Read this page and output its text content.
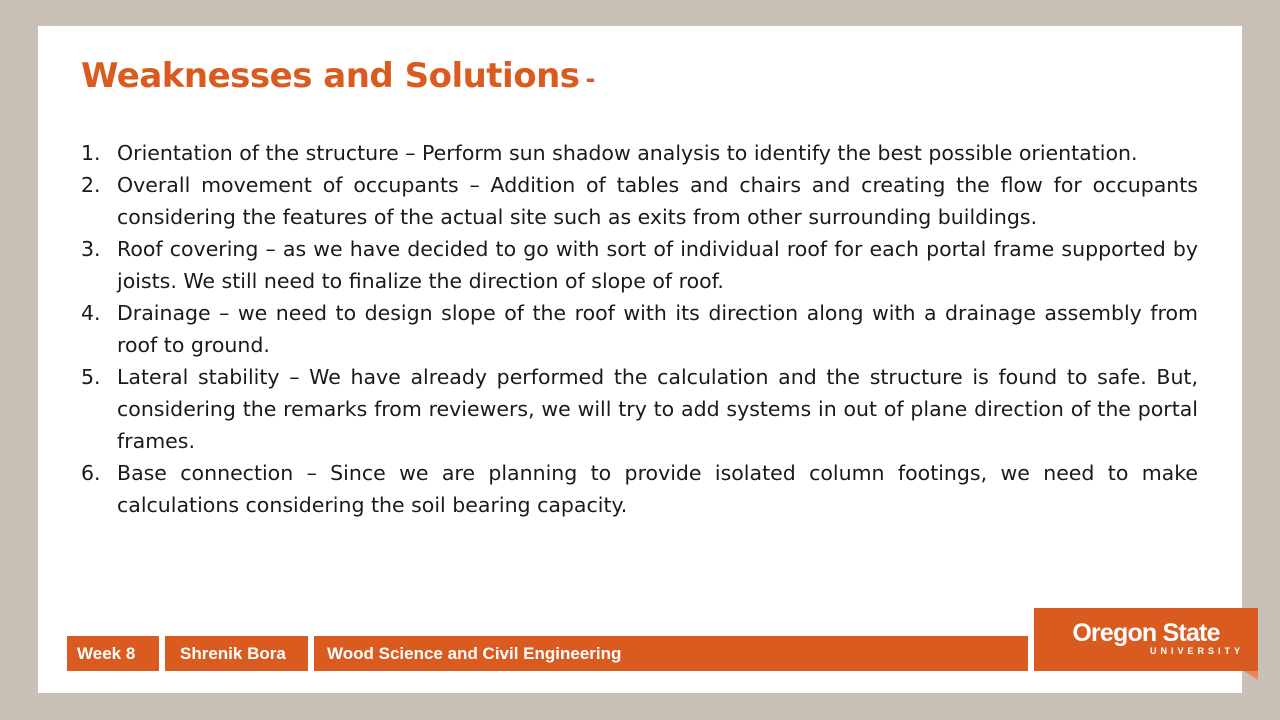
Weaknesses and Solutions -
1. Orientation of the structure – Perform sun shadow analysis to identify the best possible orientation.
2. Overall movement of occupants – Addition of tables and chairs and creating the flow for occupants considering the features of the actual site such as exits from other surrounding buildings.
3. Roof covering – as we have decided to go with sort of individual roof for each portal frame supported by joists. We still need to finalize the direction of slope of roof.
4. Drainage – we need to design slope of the roof with its direction along with a drainage assembly from roof to ground.
5. Lateral stability – We have already performed the calculation and the structure is found to safe. But, considering the remarks from reviewers, we will try to add systems in out of plane direction of the portal frames.
6. Base connection – Since we are planning to provide isolated column footings, we need to make calculations considering the soil bearing capacity.
Week 8	Shrenik Bora	Wood Science and Civil Engineering
Oregon State
UNIVERSITY
